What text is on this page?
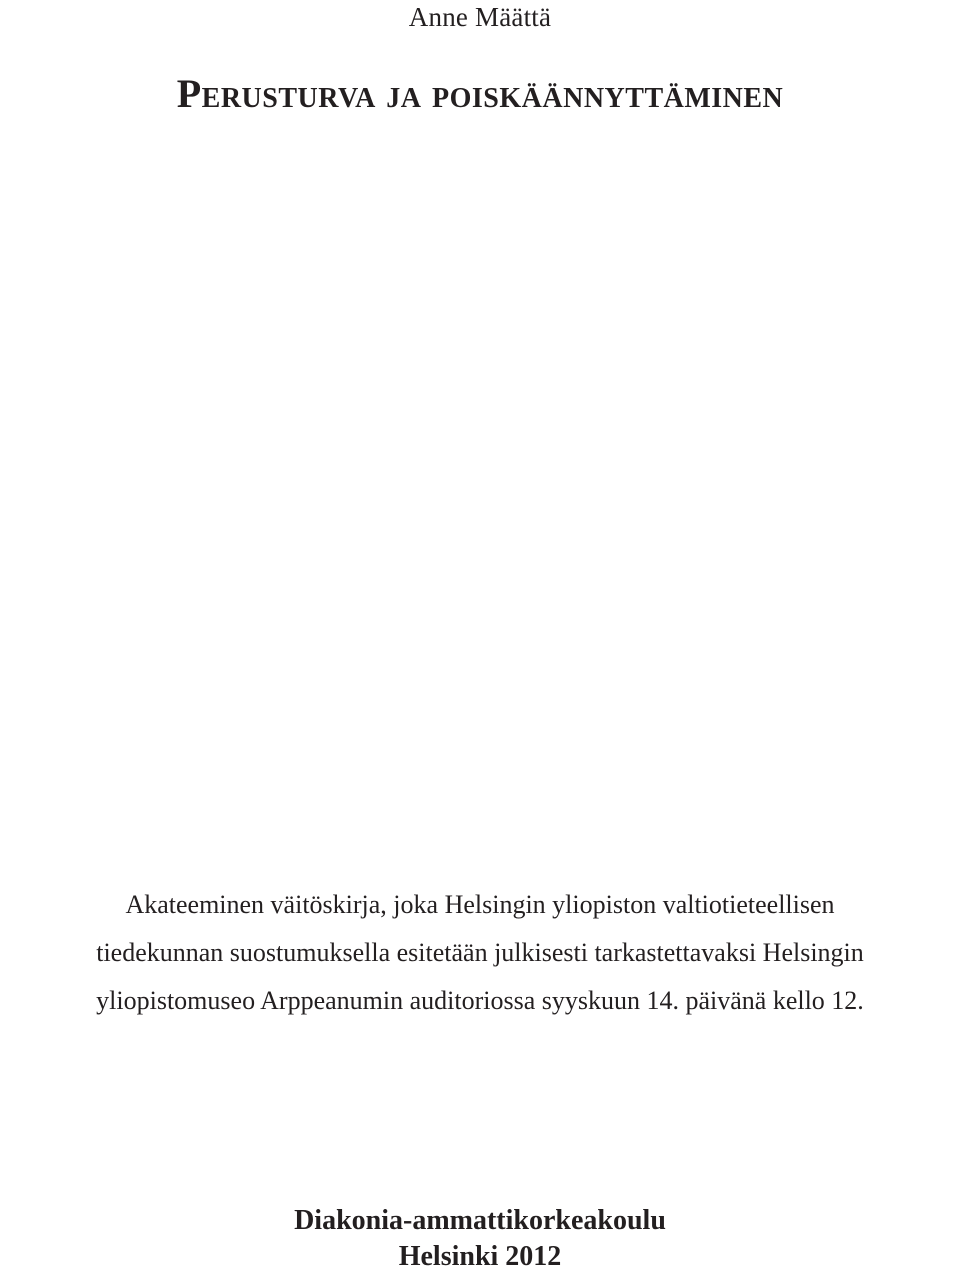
Anne Määttä
Perusturva ja poiskäännyttäminen
Akateeminen väitöskirja, joka Helsingin yliopiston valtiotieteellisen
tiedekunnan suostumuksella esitetään julkisesti tarkastettavaksi Helsingin
yliopistomuseo Arppeanumin auditoriossa syyskuun 14. päivänä kello 12.
Diakonia-ammattikorkeakoulu
Helsinki 2012
